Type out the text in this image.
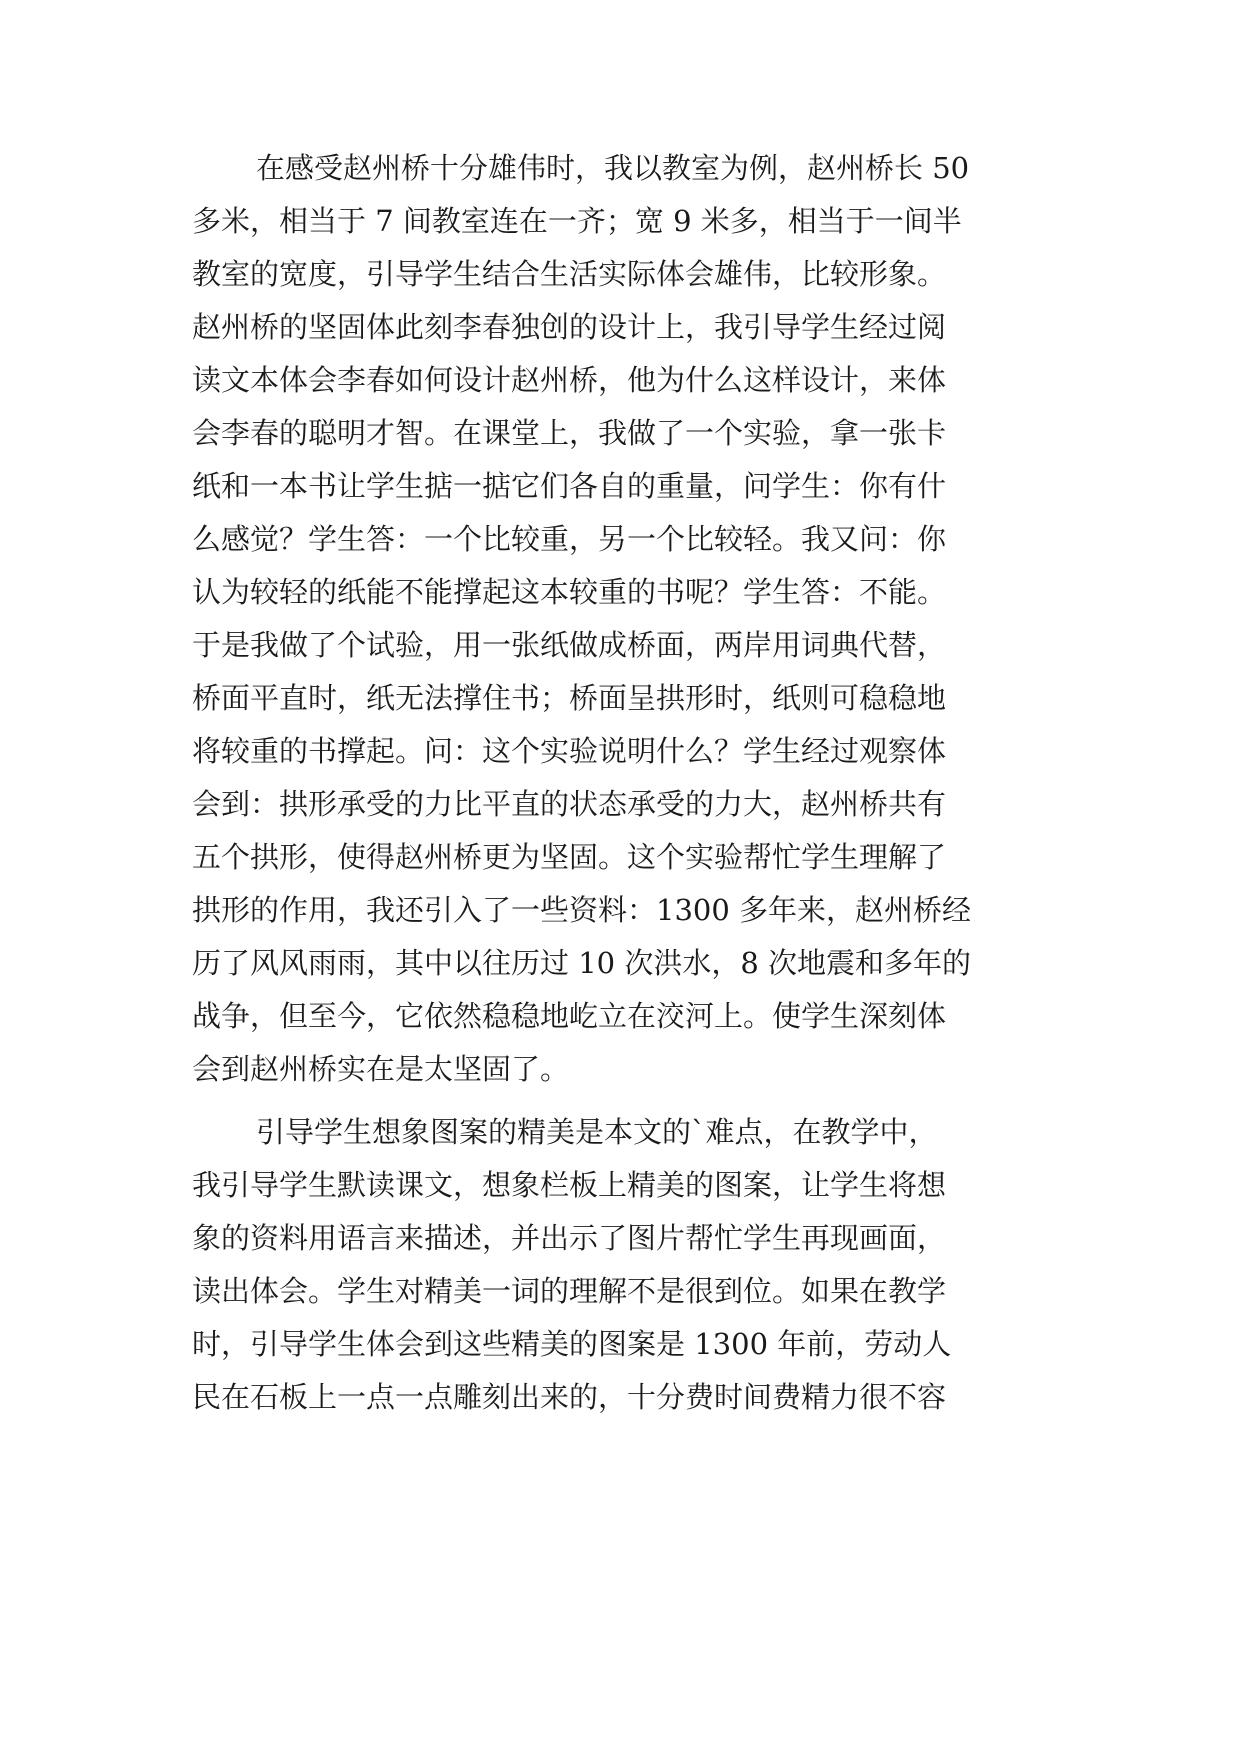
在感受赵州桥十分雄伟时，我以教室为例，赵州桥长 50
多米，相当于 7 间教室连在一齐；宽 9 米多，相当于一间半
教室的宽度，引导学生结合生活实际体会雄伟，比较形象。
赵州桥的坚固体此刻李春独创的设计上，我引导学生经过阅
读文本体会李春如何设计赵州桥，他为什么这样设计，来体
会李春的聪明才智。在课堂上，我做了一个实验，拿一张卡
纸和一本书让学生掂一掂它们各自的重量，问学生：你有什
么感觉？学生答：一个比较重，另一个比较轻。我又问：你
认为较轻的纸能不能撑起这本较重的书呢？学生答：不能。
于是我做了个试验，用一张纸做成桥面，两岸用词典代替，
桥面平直时，纸无法撑住书；桥面呈拱形时，纸则可稳稳地
将较重的书撑起。问：这个实验说明什么？学生经过观察体
会到：拱形承受的力比平直的状态承受的力大，赵州桥共有
五个拱形，使得赵州桥更为坚固。这个实验帮忙学生理解了
拱形的作用，我还引入了一些资料：1300 多年来，赵州桥经
历了风风雨雨，其中以往历过 10 次洪水，8 次地震和多年的
战争，但至今，它依然稳稳地屹立在洨河上。使学生深刻体
会到赵州桥实在是太坚固了。
引导学生想象图案的精美是本文的`难点，在教学中，
我引导学生默读课文，想象栏板上精美的图案，让学生将想
象的资料用语言来描述，并出示了图片帮忙学生再现画面，
读出体会。学生对精美一词的理解不是很到位。如果在教学
时，引导学生体会到这些精美的图案是 1300 年前，劳动人
民在石板上一点一点雕刻出来的，十分费时间费精力很不容
